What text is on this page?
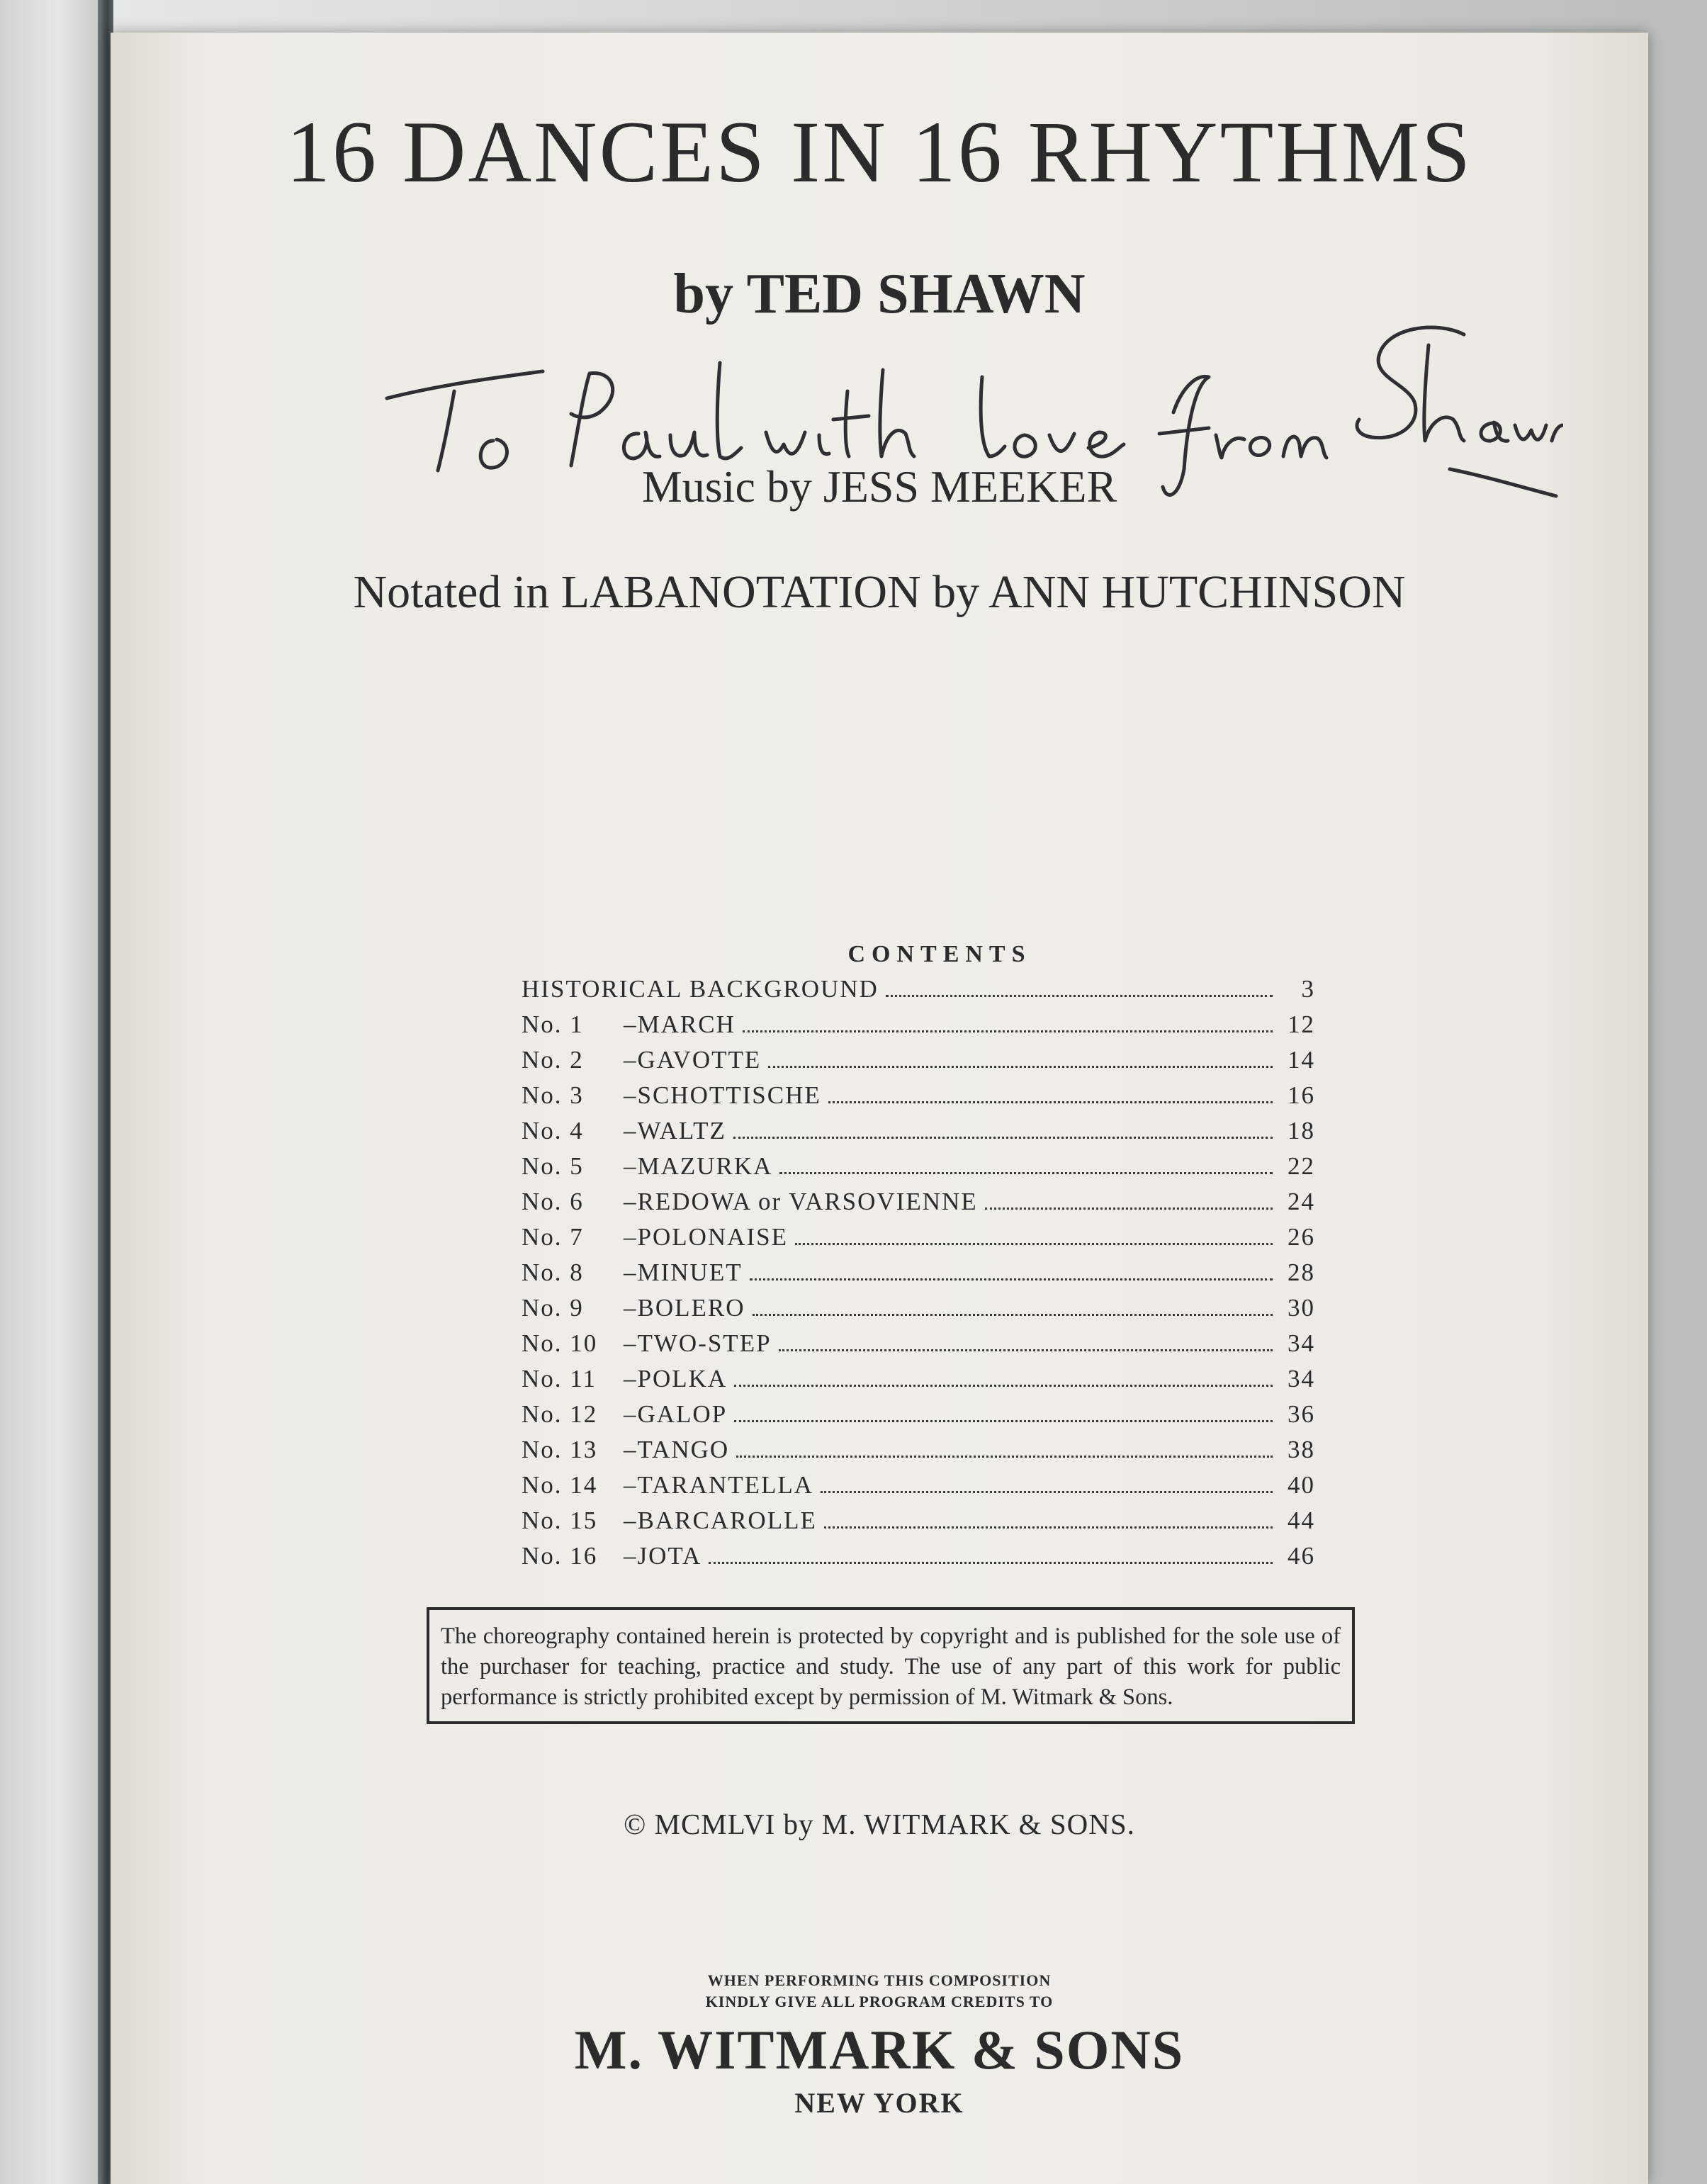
16 DANCES IN 16 RHYTHMS
by TED SHAWN
Music by JESS MEEKER
Notated in LABANOTATION by ANN HUTCHINSON
CONTENTS
HISTORICAL BACKGROUND	3
No. 1	– MARCH	12
No. 2	– GAVOTTE	14
No. 3	– SCHOTTISCHE	16
No. 4	– WALTZ	18
No. 5	– MAZURKA	22
No. 6	– REDOWA or VARSOVIENNE	24
No. 7	– POLONAISE	26
No. 8	– MINUET	28
No. 9	– BOLERO	30
No. 10	– TWO-STEP	34
No. 11	– POLKA	34
No. 12	– GALOP	36
No. 13	– TANGO	38
No. 14	– TARANTELLA	40
No. 15	– BARCAROLLE	44
No. 16	– JOTA	46
The choreography contained herein is protected by copyright and is published for the sole use of the purchaser for teaching, practice and study. The use of any part of this work for public performance is strictly prohibited except by permission of M. Witmark & Sons.
© MCMLVI by M. WITMARK & SONS.
WHEN PERFORMING THIS COMPOSITION
KINDLY GIVE ALL PROGRAM CREDITS TO
M. WITMARK & SONS
NEW YORK
